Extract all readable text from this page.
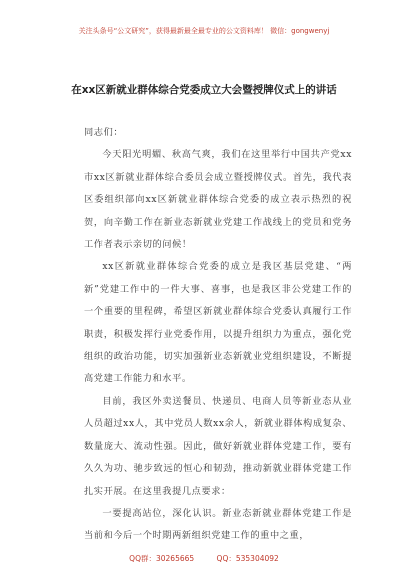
关注头条号“公文研究”，获得最新最全最专业的公文资料库！ 微信：gongwenyj
在xx区新就业群体综合党委成立大会暨授牌仪式上的讲话

同志们：

今天阳光明媚、秋高气爽，我们在这里举行中国共产党xx市xx区新就业群体综合委员会成立暨授牌仪式。首先，我代表区委组织部向xx区新就业群体综合党委的成立表示热烈的祝贺，向辛勤工作在新业态新就业党建工作战线上的党员和党务工作者表示亲切的问候！

xx区新就业群体综合党委的成立是我区基层党建、“两新”党建工作中的一件大事、喜事，也是我区非公党建工作的一个重要的里程碑，希望区新就业群体综合党委认真履行工作职责，积极发挥行业党委作用，以提升组织力为重点，强化党组织的政治功能，切实加强新业态新就业党组织建设，不断提高党建工作能力和水平。

目前，我区外卖送餐员、快递员、电商人员等新业态从业人员超过xx人，其中党员人数xx余人，新就业群体构成复杂、数量庞大、流动性强。因此，做好新就业群体党建工作，要有久久为功、驰步致远的恒心和韧劲，推动新就业群体党建工作扎实开展。在这里我提几点要求：

一要提高站位，深化认识。新业态新就业群体党建工作是当前和今后一个时期两新组织党建工作的重中之重，

QQ群：30265665	QQ：535304092
